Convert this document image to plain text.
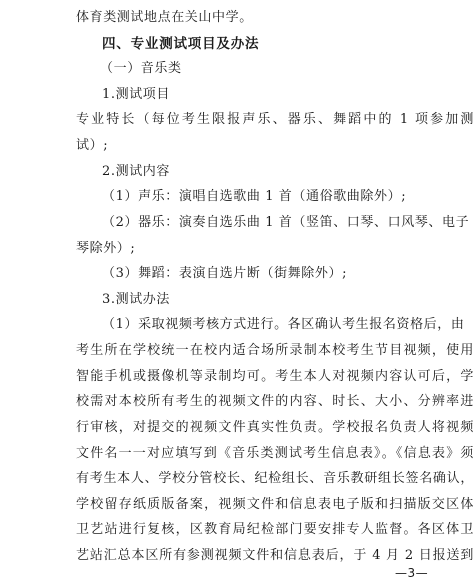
体育类测试地点在关山中学。
四、专业测试项目及办法
（一）音乐类
1.测试项目
专业特长（每位考生限报声乐、器乐、舞蹈中的 1 项参加测
试）;
2.测试内容
（1）声乐：演唱自选歌曲 1 首（通俗歌曲除外）;
（2）器乐：演奏自选乐曲 1 首（竖笛、口琴、口风琴、电子
琴除外）;
（3）舞蹈：表演自选片断（街舞除外）;
3.测试办法
（1）采取视频考核方式进行。各区确认考生报名资格后，由
考生所在学校统一在校内适合场所录制本校考生节目视频，使用
智能手机或摄像机等录制均可。考生本人对视频内容认可后，学
校需对本校所有考生的视频文件的内容、时长、大小、分辨率进
行审核，对提交的视频文件真实性负责。学校报名负责人将视频
文件名一一对应填写到《音乐类测试考生信息表》。《信息表》须
有考生本人、学校分管校长、纪检组长、音乐教研组长签名确认，
学校留存纸质版备案，视频文件和信息表电子版和扫描版交区体
卫艺站进行复核，区教育局纪检部门要安排专人监督。各区体卫
艺站汇总本区所有参测视频文件和信息表后，于 4 月 2 日报送到
—3—
